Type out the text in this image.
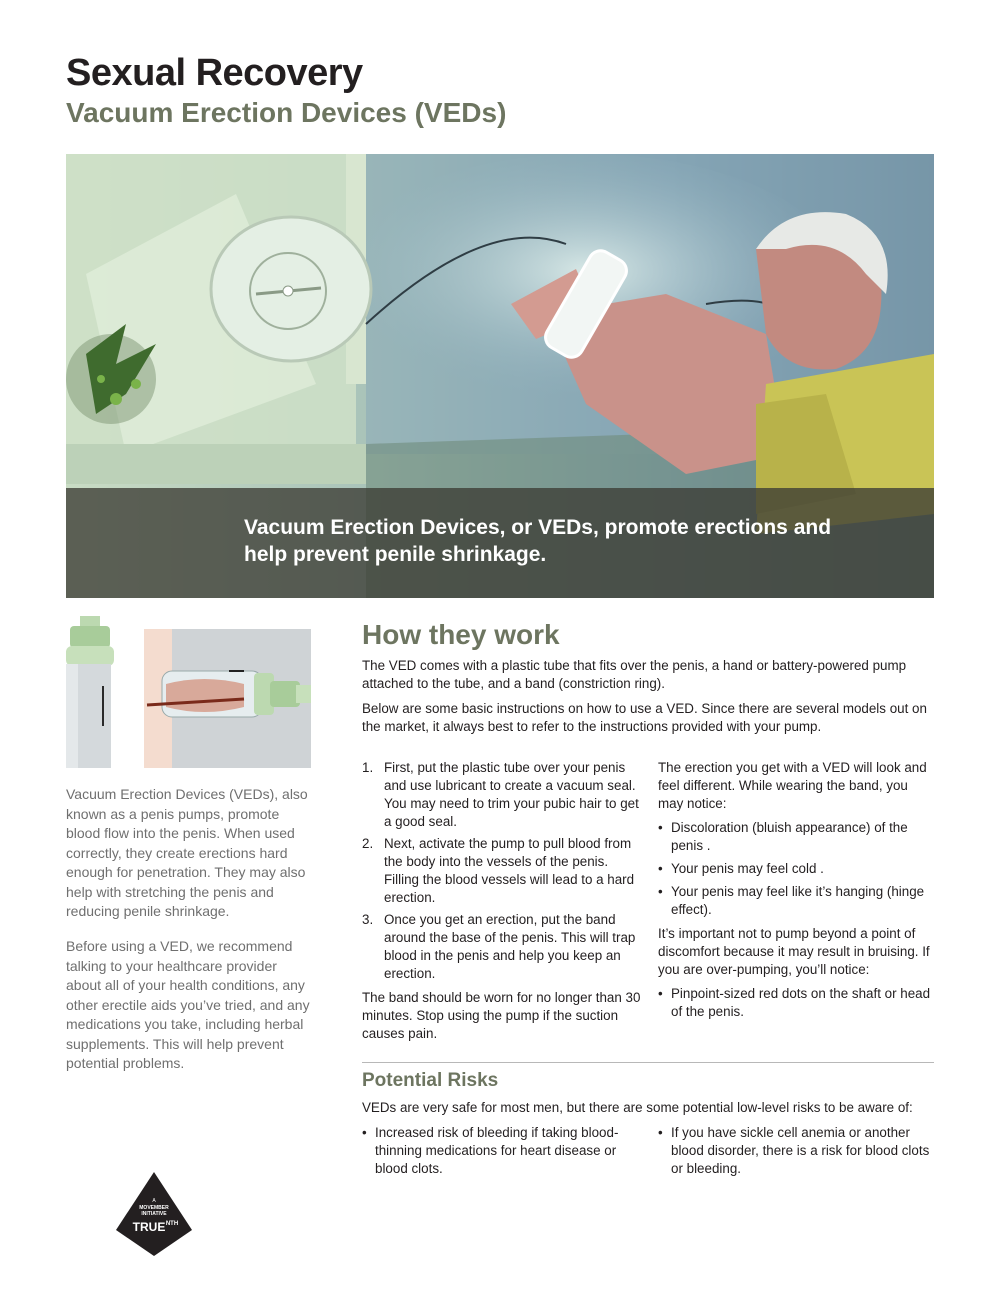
Sexual Recovery
Vacuum Erection Devices (VEDs)

Vacuum Erection Devices, or VEDs, promote erections and help prevent penile shrinkage.

Vacuum Erection Devices (VEDs), also known as a penis pumps, promote blood flow into the penis. When used correctly, they create erections hard enough for penetration. They may also help with stretching the penis and reducing penile shrinkage.

Before using a VED, we recommend talking to your healthcare provider about all of your health conditions, any other erectile aids you’ve tried, and any medications you take, including herbal supplements. This will help prevent potential problems.

How they work

The VED comes with a plastic tube that fits over the penis, a hand or battery-powered pump attached to the tube, and a band (constriction ring).

Below are some basic instructions on how to use a VED. Since there are several models out on the market, it always best to refer to the instructions provided with your pump.

1. First, put the plastic tube over your penis and use lubricant to create a vacuum seal. You may need to trim your pubic hair to get a good seal.
2. Next, activate the pump to pull blood from the body into the vessels of the penis. Filling the blood vessels will lead to a hard erection.
3. Once you get an erection, put the band around the base of the penis. This will trap blood in the penis and help you keep an erection.

The band should be worn for no longer than 30 minutes. Stop using the pump if the suction causes pain.

The erection you get with a VED will look and feel different. While wearing the band, you may notice:

• Discoloration (bluish appearance) of the penis .
• Your penis may feel cold .
• Your penis may feel like it’s hanging (hinge effect).

It’s important not to pump beyond a point of discomfort because it may result in bruising. If you are over-pumping, you’ll notice:

• Pinpoint-sized red dots on the shaft or head of the penis.
Potential Risks

VEDs are very safe for most men, but there are some potential low-level risks to be aware of:

• Increased risk of bleeding if taking blood-thinning medications for heart disease or blood clots.
• If you have sickle cell anemia or another blood disorder, there is a risk for blood clots or bleeding.
A
MOVEMBER
INITIATIVE
TRUE NTH
